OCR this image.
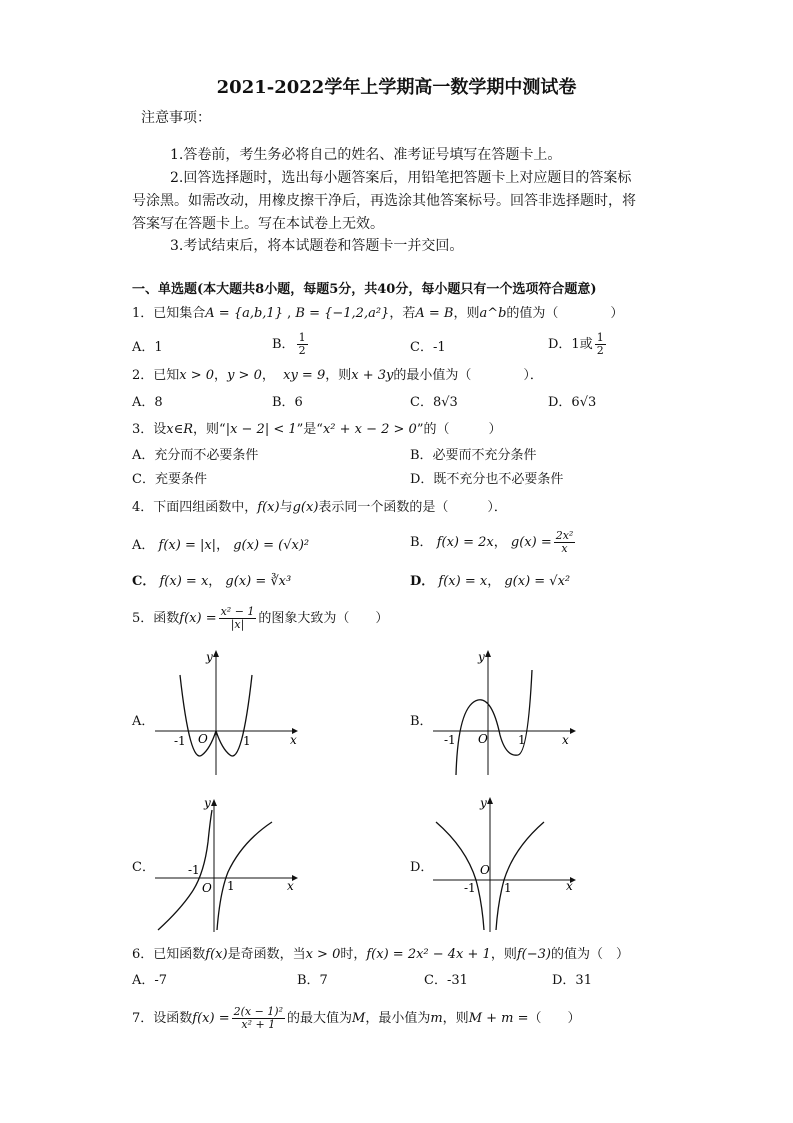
2021-2022学年上学期高一数学期中测试卷
注意事项：
1.答卷前，考生务必将自己的姓名、准考证号填写在答题卡上。
2.回答选择题时，选出每小题答案后，用铅笔把答题卡上对应题目的答案标
号涂黑。如需改动，用橡皮擦干净后，再选涂其他答案标号。回答非选择题时，将
答案写在答题卡上。写在本试卷上无效。
3.考试结束后，将本试题卷和答题卡一并交回。
一、单选题(本大题共8小题，每题5分，共40分，每小题只有一个选项符合题意)
1．已知集合A = {a,b,1} , B = {−1,2,a²}，若A = B，则a^b的值为（　　　　）
A．1	B． $\frac{1}{2}$	C．-1	D．1或 $\frac{1}{2}$
2．已知x > 0，y > 0，  xy = 9，则x + 3y的最小值为（　　　　）．
A．8	B．6	C．8√3	D．6√3
3．设x∈R，则“|x − 2| < 1”是“x² + x − 2 > 0”的（　　　）
A．充分而不必要条件	B．必要而不充分条件
C．充要条件	D．既不充分也不必要条件
4．下面四组函数中，f(x)与g(x)表示同一个函数的是（　　　）．
A． f(x) = |x|， g(x) = (√x)²	B． f(x) = 2x， $g(x) = \frac{\text{2x²}}{x}$
C． f(x) = x， g(x) = ∛x³	D． f(x) = x， g(x) = √x²
5．函数$f(x) = \frac{\text{x² − 1}}{|x|}$ 的图象大致为（　　）
A．	B．
C．	D．
x
y
O
-1	1	x
y
O
-1	1
x
y
O
-1
1	x
y
O
-1 1
6．已知函数f(x)是奇函数，当x > 0时，f(x) = 2x² − 4x + 1，则f(−3)的值为（　）
A．-7	B．7	C．-31	D．31
7．设函数$f(x) = \frac{\text{2(x − 1)²}}{\text{x² + 1}}$ 的最大值为M，最小值为m，则M + m =（　　）
